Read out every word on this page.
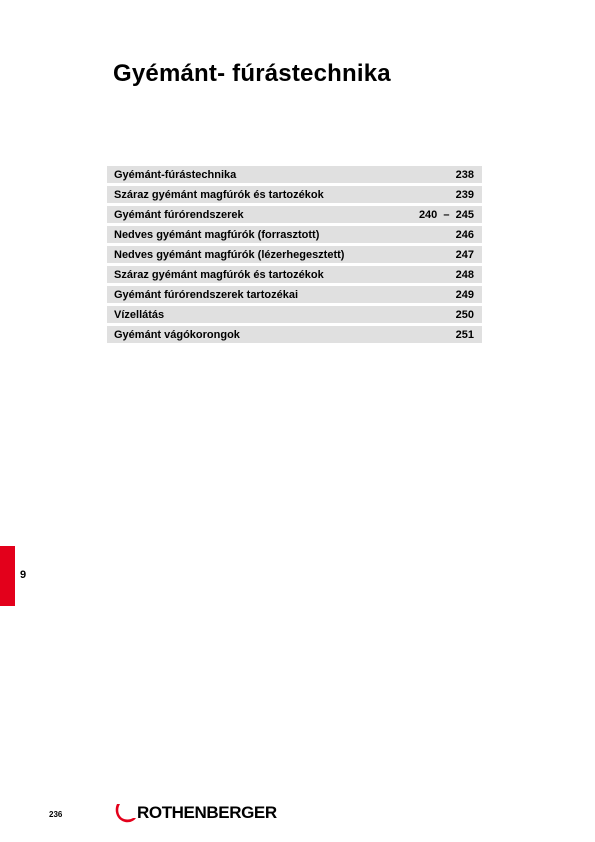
Gyémánt- fúrástechnika
Gyémánt-fúrástechnika	238
Száraz gyémánt magfúrók és tartozékok	239
Gyémánt fúrórendszerek	240  –  245
Nedves gyémánt magfúrók (forrasztott)	246
Nedves gyémánt magfúrók (lézerhegesztett)	247
Száraz gyémánt magfúrók és tartozékok	248
Gyémánt fúrórendszerek tartozékai	249
Vízellátás	250
Gyémánt vágókorongok	251
9
236	ROTHENBERGER
